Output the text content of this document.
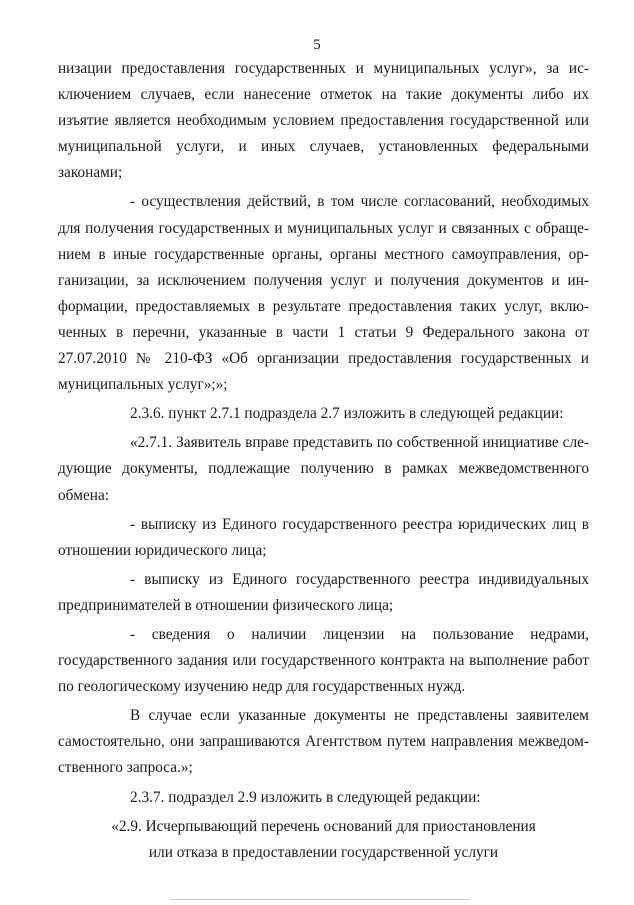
5

низации предоставления государственных и муниципальных услуг», за исключением случаев, если нанесение отметок на такие документы либо их изъятие является необходимым условием предоставления государственной или муниципальной услуги, и иных случаев, установленных федеральными законами;

- осуществления действий, в том числе согласований, необходимых для получения государственных и муниципальных услуг и связанных с обращением в иные государственные органы, органы местного самоуправления, организации, за исключением получения услуг и получения документов и информации, предоставляемых в результате предоставления таких услуг, включенных в перечни, указанные в части 1 статьи 9 Федерального закона от 27.07.2010 № 210-ФЗ «Об организации предоставления государственных и муниципальных услуг»;»;

2.3.6. пункт 2.7.1 подраздела 2.7 изложить в следующей редакции:

«2.7.1. Заявитель вправе представить по собственной инициативе следующие документы, подлежащие получению в рамках межведомственного обмена:

- выписку из Единого государственного реестра юридических лиц в отношении юридического лица;

- выписку из Единого государственного реестра индивидуальных предпринимателей в отношении физического лица;

- сведения о наличии лицензии на пользование недрами, государственного задания или государственного контракта на выполнение работ по геологическому изучению недр для государственных нужд.

В случае если указанные документы не представлены заявителем самостоятельно, они запрашиваются Агентством путем направления межведомственного запроса.»;

2.3.7. подраздел 2.9 изложить в следующей редакции:

«2.9. Исчерпывающий перечень оснований для приостановления
или отказа в предоставлении государственной услуги
